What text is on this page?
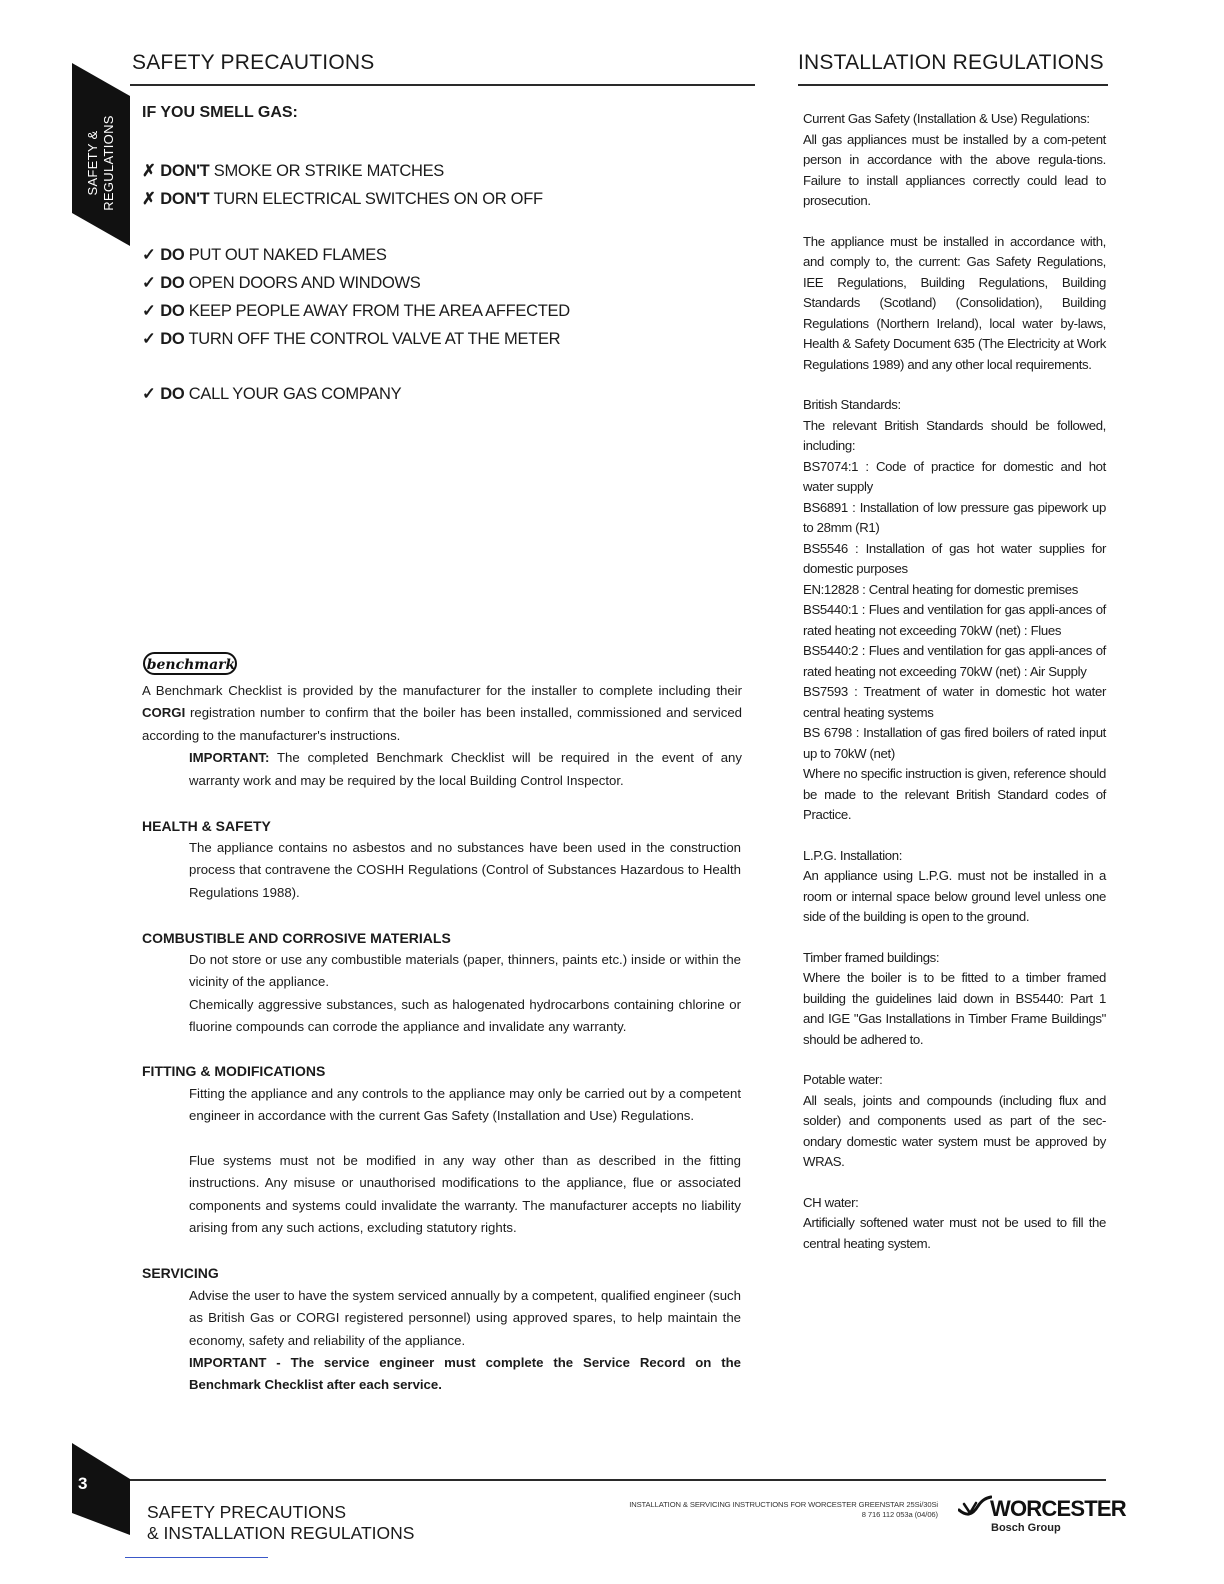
SAFETY PRECAUTIONS	INSTALLATION REGULATIONS
SAFETY &
REGULATIONS
IF YOU SMELL GAS:
✗ DON'T SMOKE OR STRIKE MATCHES
✗ DON'T TURN ELECTRICAL SWITCHES ON OR OFF
✓ DO PUT OUT NAKED FLAMES
✓ DO OPEN DOORS AND WINDOWS
✓ DO KEEP PEOPLE AWAY FROM THE AREA AFFECTED
✓ DO TURN OFF THE CONTROL VALVE AT THE METER
✓ DO CALL YOUR GAS COMPANY
benchmark
A Benchmark Checklist is provided by the manufacturer for the installer to complete including their CORGI registration number to confirm that the boiler has been installed, commissioned and serviced according to the manufacturer's instructions.
IMPORTANT: The completed Benchmark Checklist will be required in the event of any warranty work and may be required by the local Building Control Inspector.
HEALTH & SAFETY
The appliance contains no asbestos and no substances have been used in the construction process that contravene the COSHH Regulations (Control of Substances Hazardous to Health Regulations 1988).
COMBUSTIBLE AND CORROSIVE MATERIALS
Do not store or use any combustible materials (paper, thinners, paints etc.) inside or within the vicinity of the appliance.
Chemically aggressive substances, such as halogenated hydrocarbons containing chlorine or fluorine compounds can corrode the appliance and invalidate any warranty.
FITTING & MODIFICATIONS
Fitting the appliance and any controls to the appliance may only be carried out by a competent engineer in accordance with the current Gas Safety (Installation and Use) Regulations.
Flue systems must not be modified in any way other than as described in the fitting instructions. Any misuse or unauthorised modifications to the appliance, flue or associated components and systems could invalidate the warranty. The manufacturer accepts no liability arising from any such actions, excluding statutory rights.
SERVICING
Advise the user to have the system serviced annually by a competent, qualified engineer (such as British Gas or CORGI registered personnel) using approved spares, to help maintain the economy, safety and reliability of the appliance.
IMPORTANT - The service engineer must complete the Service Record on the Benchmark Checklist after each service.

Current Gas Safety (Installation & Use) Regulations:

All gas appliances must be installed by a com-petent person in accordance with the above regula-tions. Failure to install appliances correctly could lead to prosecution.

The appliance must be installed in accordance with, and comply to, the current: Gas Safety Regulations, IEE Regulations, Building Regulations, Building Standards (Scotland) (Consolidation), Building Regulations (Northern Ireland), local water by-laws, Health & Safety Document 635 (The Electricity at Work Regulations 1989) and any other local requirements.

British Standards:

The relevant British Standards should be followed, including:

BS7074:1 : Code of practice for domestic and hot water supply

BS6891 : Installation of low pressure gas pipework up to 28mm (R1)

BS5546 : Installation of gas hot water supplies for domestic purposes

EN:12828 : Central heating for domestic premises

BS5440:1 : Flues and ventilation for gas appli-ances of rated heating not exceeding 70kW (net) : Flues

BS5440:2 : Flues and ventilation for gas appli-ances of rated heating not exceeding 70kW (net) : Air Supply

BS7593 : Treatment of water in domestic hot water central heating systems

BS 6798 : Installation of gas fired boilers of rated input up to 70kW (net)

Where no specific instruction is given, reference should be made to the relevant British Standard codes of Practice.

L.P.G. Installation:

An appliance using L.P.G. must not be installed in a room or internal space below ground level unless one side of the building is open to the ground.

Timber framed buildings:

Where the boiler is to be fitted to a timber framed building the guidelines laid down in BS5440: Part 1 and IGE "Gas Installations in Timber Frame Buildings" should be adhered to.

Potable water:

All seals, joints and compounds (including flux and solder) and components used as part of the sec-ondary domestic water system must be approved by WRAS.

CH water:

Artificially softened water must not be used to fill the central heating system.

3
SAFETY PRECAUTIONS
& INSTALLATION REGULATIONS
INSTALLATION & SERVICING INSTRUCTIONS FOR WORCESTER GREENSTAR 25Si/30Si
8 716 112 053a (04/06) WORCESTER
Bosch Group
